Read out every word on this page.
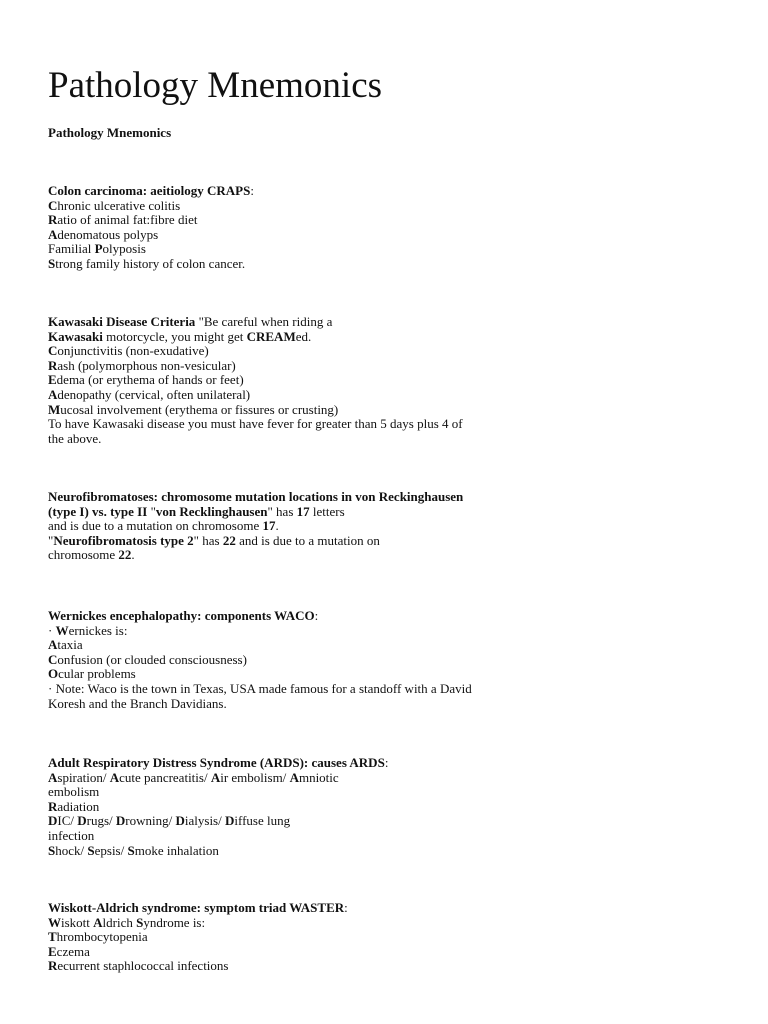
Pathology Mnemonics
Pathology Mnemonics
Colon carcinoma: aeitiology CRAPS:
Chronic ulcerative colitis
Ratio of animal fat:fibre diet
Adenomatous polyps
Familial Polyposis
Strong family history of colon cancer.
Kawasaki Disease Criteria "Be careful when riding a
Kawasaki motorcycle, you might get CREAMed.
Conjunctivitis (non-exudative)
Rash (polymorphous non-vesicular)
Edema (or erythema of hands or feet)
Adenopathy (cervical, often unilateral)
Mucosal involvement (erythema or fissures or crusting)
To have Kawasaki disease you must have fever for greater than 5 days plus 4 of
the above.
Neurofibromatoses: chromosome mutation locations in von Reckinghausen
(type I) vs. type II "von Recklinghausen" has 17 letters
and is due to a mutation on chromosome 17.
"Neurofibromatosis type 2" has 22 and is due to a mutation on
chromosome 22.
Wernickes encephalopathy: components WACO:
· Wernickes is:
Ataxia
Confusion (or clouded consciousness)
Ocular problems
· Note: Waco is the town in Texas, USA made famous for a standoff with a David
Koresh and the Branch Davidians.
Adult Respiratory Distress Syndrome (ARDS): causes ARDS:
Aspiration/ Acute pancreatitis/ Air embolism/ Amniotic
embolism
Radiation
DIC/ Drugs/ Drowning/ Dialysis/ Diffuse lung
infection
Shock/ Sepsis/ Smoke inhalation
Wiskott-Aldrich syndrome: symptom triad WASTER:
Wiskott Aldrich Syndrome is:
Thrombocytopenia
Eczema
Recurrent staphlococcal infections
